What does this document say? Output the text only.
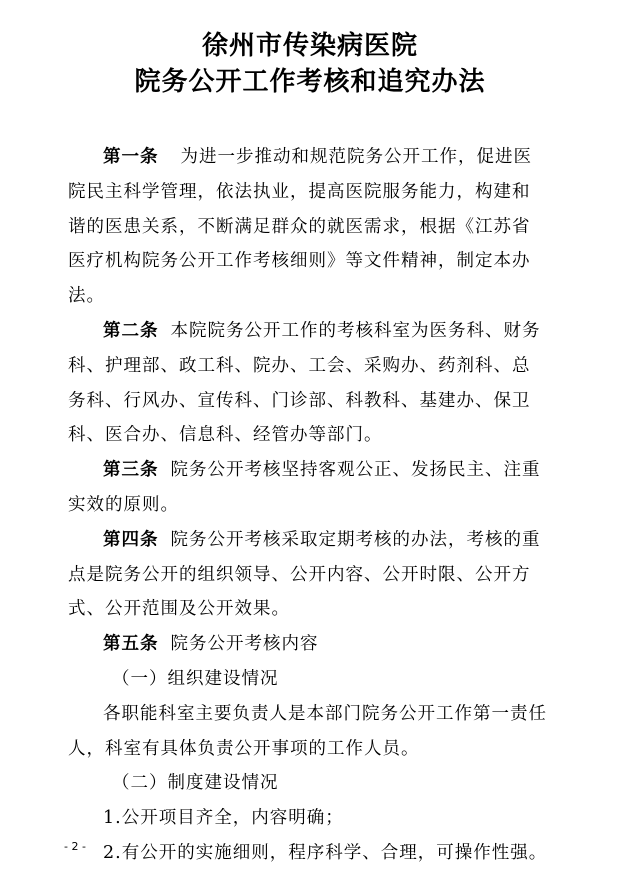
徐州市传染病医院
院务公开工作考核和追究办法

第一条 为进一步推动和规范院务公开工作，促进医院民主科学管理，依法执业，提高医院服务能力，构建和谐的医患关系，不断满足群众的就医需求，根据《江苏省医疗机构院务公开工作考核细则》等文件精神，制定本办法。

第二条 本院院务公开工作的考核科室为医务科、财务科、护理部、政工科、院办、工会、采购办、药剂科、总务科、行风办、宣传科、门诊部、科教科、基建办、保卫科、医合办、信息科、经管办等部门。

第三条 院务公开考核坚持客观公正、发扬民主、注重实效的原则。

第四条 院务公开考核采取定期考核的办法，考核的重点是院务公开的组织领导、公开内容、公开时限、公开方式、公开范围及公开效果。

第五条 院务公开考核内容

（一）组织建设情况

各职能科室主要负责人是本部门院务公开工作第一责任人，科室有具体负责公开事项的工作人员。

（二）制度建设情况

1.公开项目齐全，内容明确；

2.有公开的实施细则，程序科学、合理，可操作性强。

- 2 -
